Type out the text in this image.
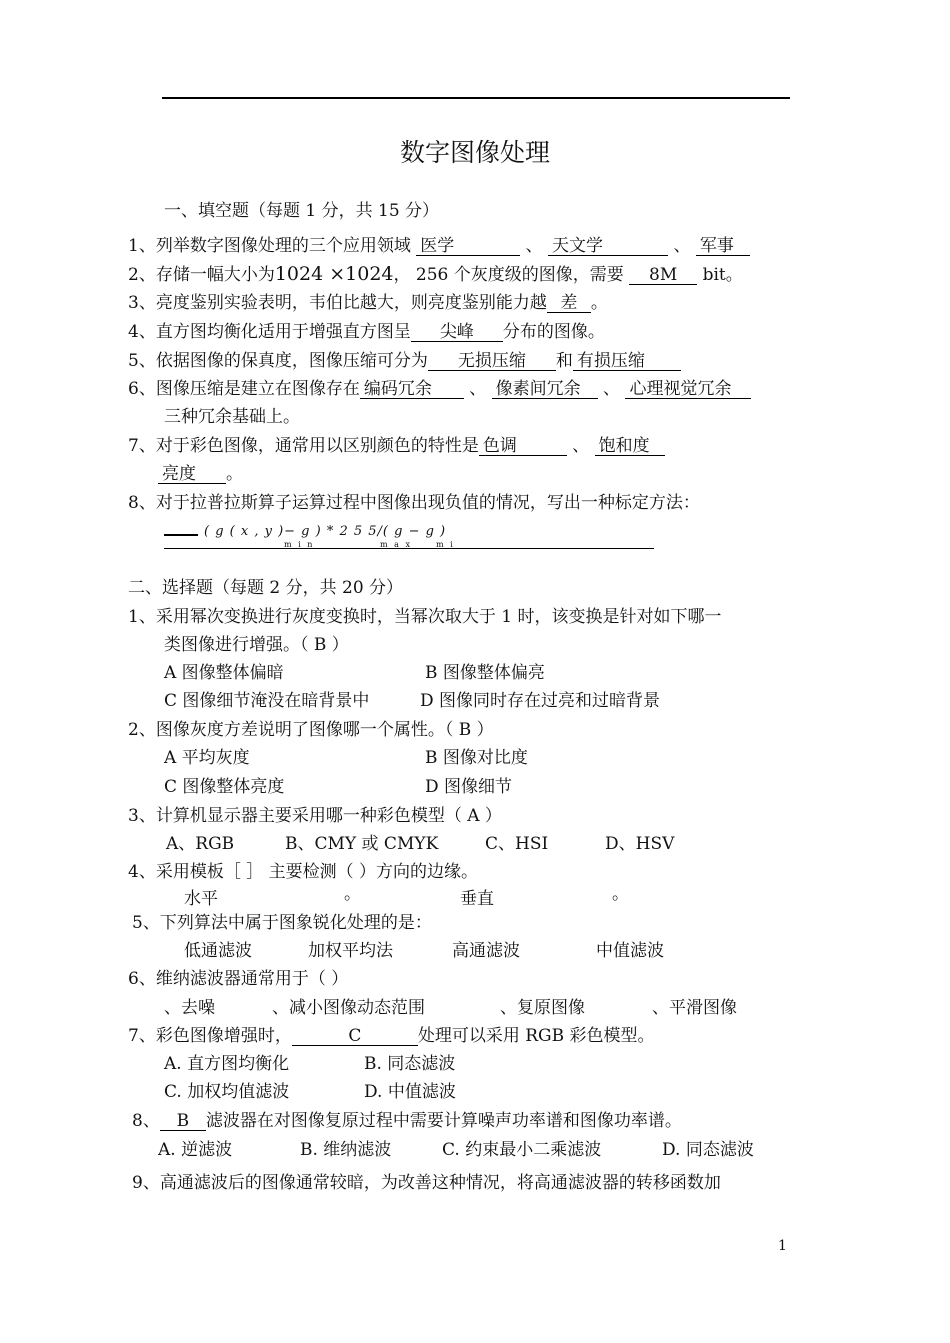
数字图像处理
一、填空题（每题 1 分，共 15 分）
1、列举数字图像处理的三个应用领域 医学	、 天文学	、 军事
2、存储一幅大小为1024 ×1024， 256 个灰度级的图像，需要 8M bit。
3、亮度鉴别实验表明，韦伯比越大，则亮度鉴别能力越 差 。
4、直方图均衡化适用于增强直方图呈 尖峰 分布的图像。
5、依据图像的保真度，图像压缩可分为 无损压缩 和 有损压缩
6、图像压缩是建立在图像存在 编码冗余 、 像素间冗余 、 心理视觉冗余
三种冗余基础上。
7、对于彩色图像，通常用以区别颜色的特性是 色调	、 饱和度
亮度 。
8、对于拉普拉斯算子运算过程中图像出现负值的情况，写出一种标定方法：
( g ( x , y )− g ) * 2 5 5/( g − g )
m i n	m a x	m i
二、选择题（每题 2 分，共 20 分）
1、采用幂次变换进行灰度变换时，当幂次取大于 1 时，该变换是针对如下哪一
类图像进行增强。（ B ）
A 图像整体偏暗	B 图像整体偏亮
C 图像细节淹没在暗背景中	D 图像同时存在过亮和过暗背景
2、图像灰度方差说明了图像哪一个属性。（ B ）
A 平均灰度	B 图像对比度
C 图像整体亮度	D 图像细节
3、计算机显示器主要采用哪一种彩色模型（ A ）
A、RGB	B、CMY 或 CMYK	C、HSI	D、HSV
4、采用模板［ ］ 主要检测（ ）方向的边缘。
水平	。	垂直	。
5、下列算法中属于图象锐化处理的是：
低通滤波	加权平均法	高通滤波	中值滤波
6、维纳滤波器通常用于（ ）
、去噪	、减小图像动态范围	、复原图像	、平滑图像
7、彩色图像增强时，	C	处理可以采用 RGB 彩色模型。
A. 直方图均衡化	B. 同态滤波
C. 加权均值滤波	D. 中值滤波
8、 B 滤波器在对图像复原过程中需要计算噪声功率谱和图像功率谱。
A. 逆滤波	B. 维纳滤波	C. 约束最小二乘滤波	D. 同态滤波
9、高通滤波后的图像通常较暗，为改善这种情况，将高通滤波器的转移函数加
1
